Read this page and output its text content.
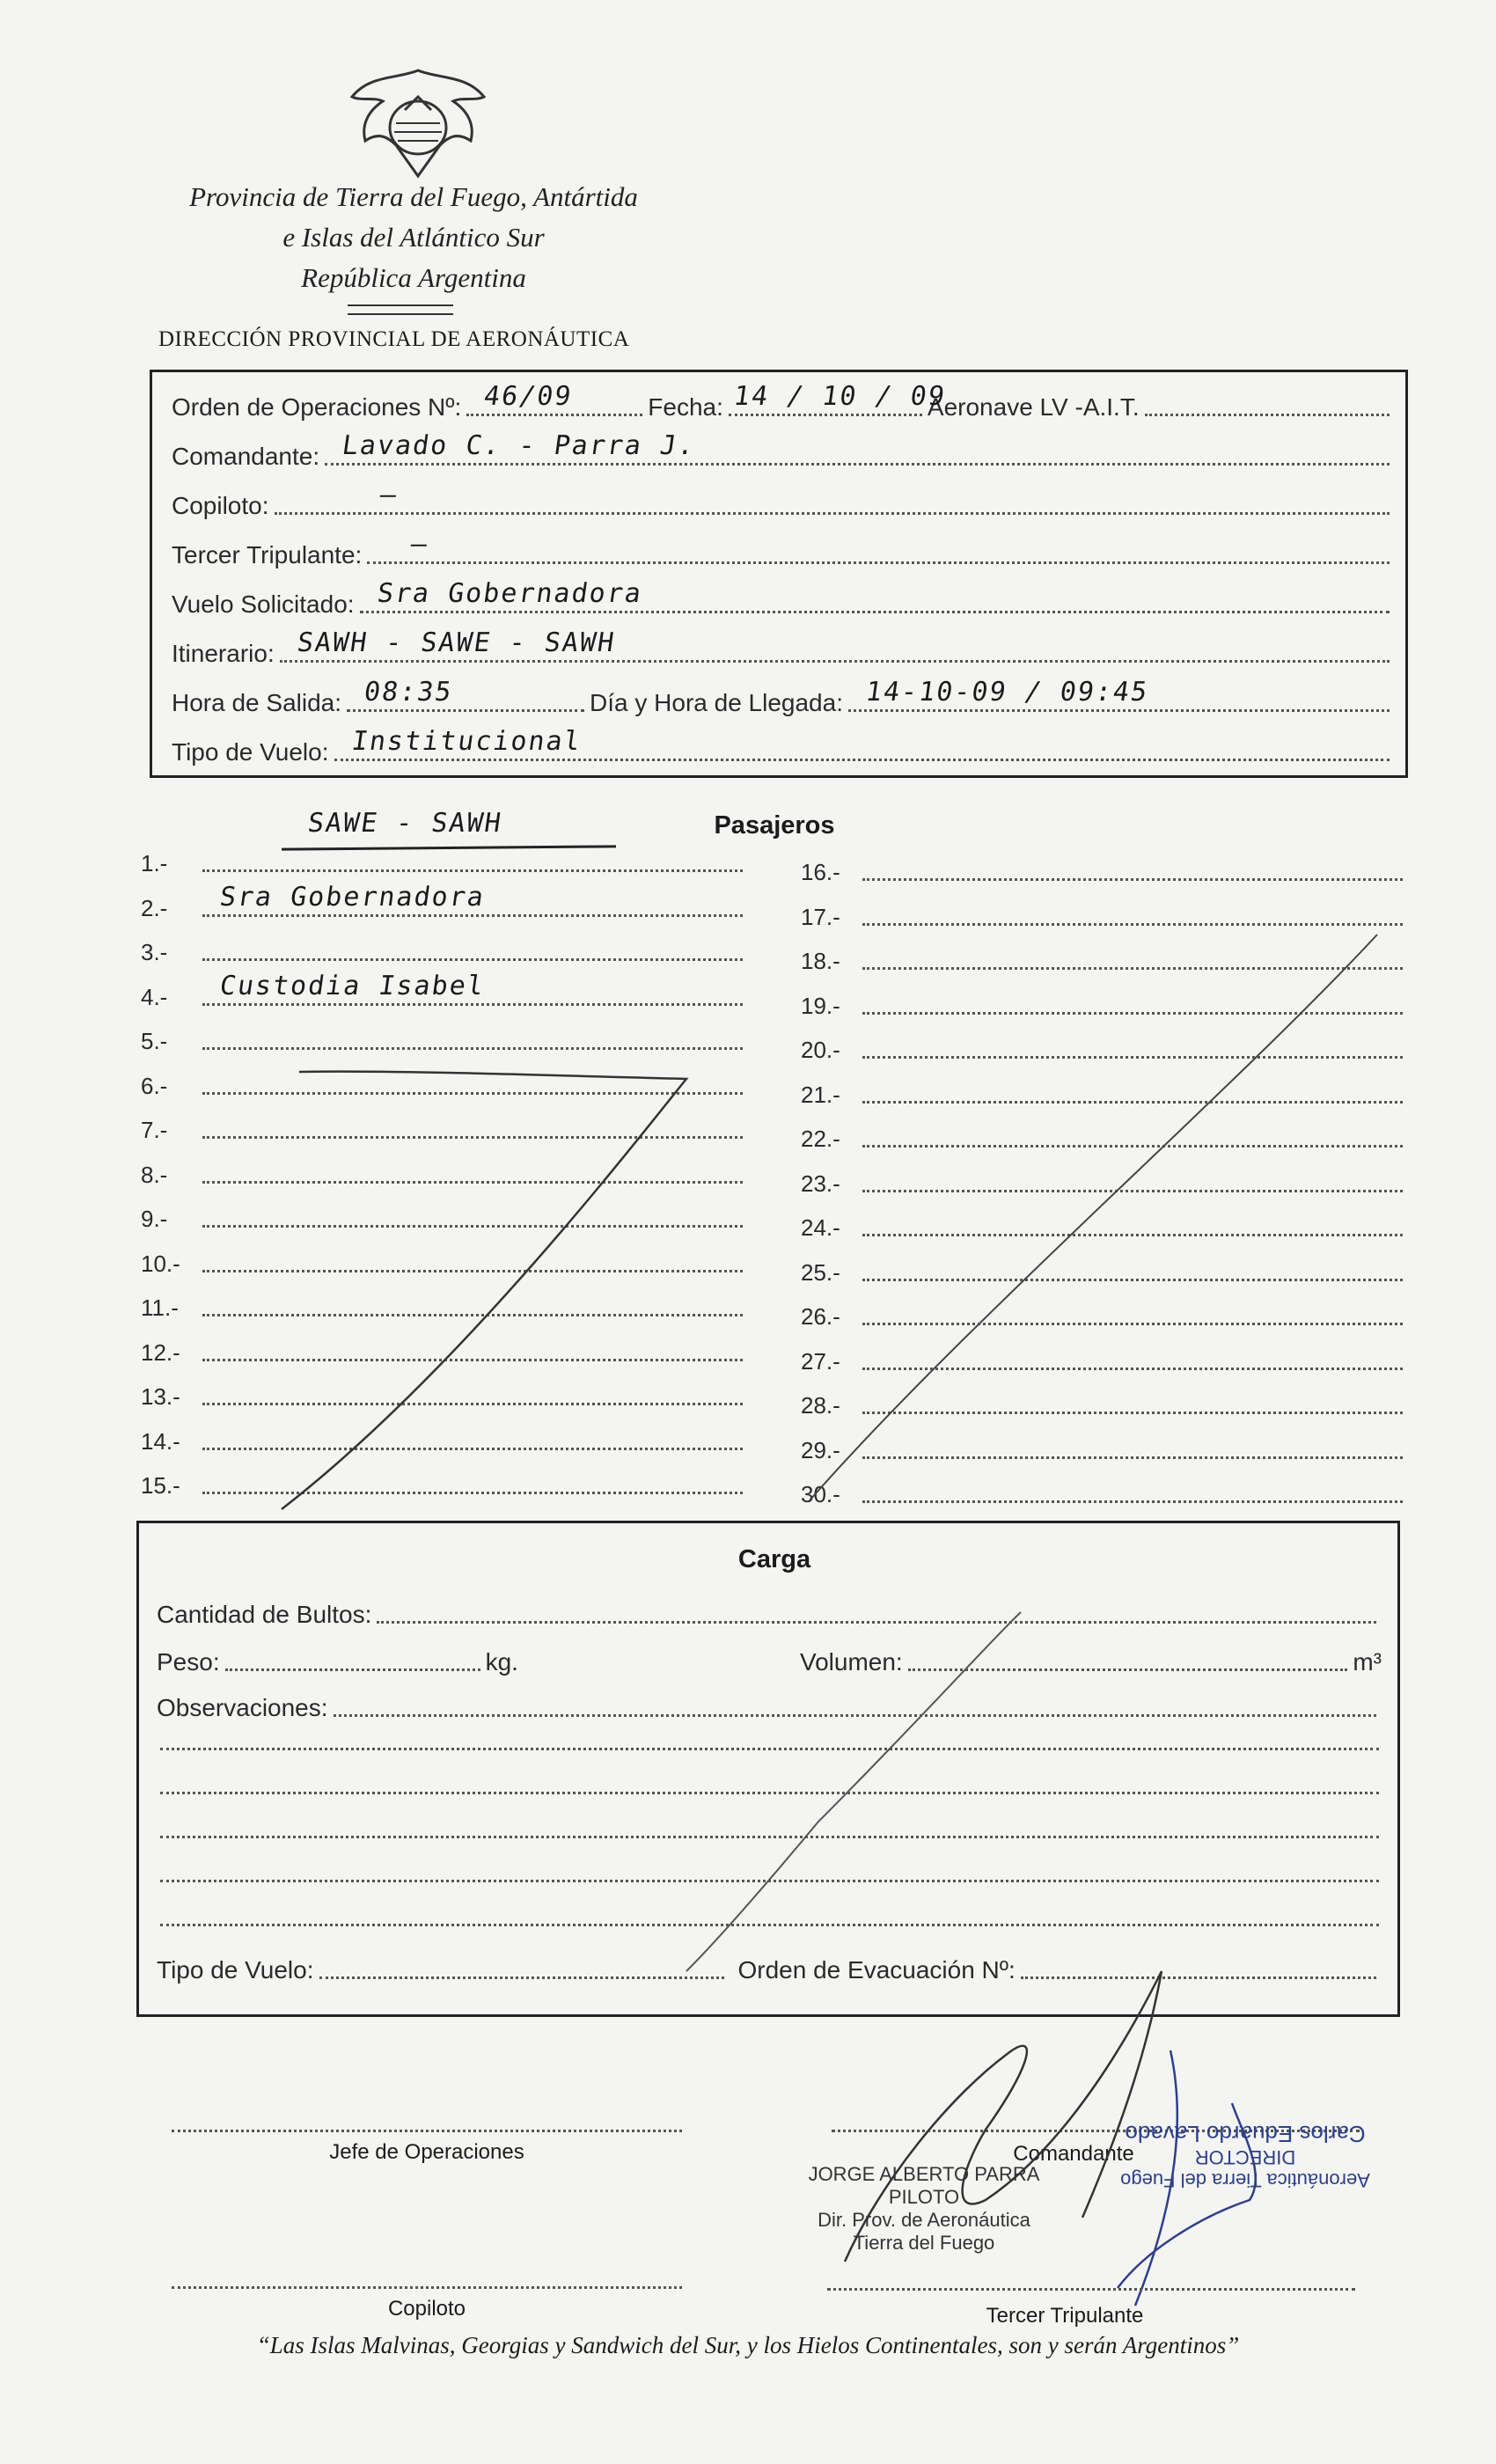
Provincia de Tierra del Fuego, Antártida
e Islas del Atlántico Sur
República Argentina
DIRECCIÓN PROVINCIAL DE AERONÁUTICA
Orden de Operaciones Nº: 46/09	Fecha: 14 / 10 / 09
Aeronave LV -A.I.T.
Comandante: Lavado C. - Parra J.
Copiloto:	—
Tercer Tripulante: —
Vuelo Solicitado: Sra Gobernadora
Itinerario: SAWH - SAWE - SAWH
Hora de Salida: 08:35	Día y Hora de Llegada: 14-10-09 / 09:45
Tipo de Vuelo: Institucional
SAWE - SAWH	Pasajeros
1.-
2.-	Sra Gobernadora
3.-
4.-	Custodia Isabel
5.-
6.-
7.-
8.-
9.-
10.-
11.-
12.-
13.-
14.-
15.-
16.-
17.-
18.-
19.-
20.-
21.-
22.-
23.-
24.-
25.-
26.-
27.-
28.-
29.-
30.-
Carga
Cantidad de Bultos:
Peso:	kg.	Volumen:	m³
Observaciones:
Tipo de Vuelo:	Orden de Evacuación Nº:
Jefe de Operaciones	Comandante
JORGE ALBERTO PARRA
PILOTO
Dir. Prov. de Aeronáutica
Tierra del Fuego
Aeronáutica Tierra del Fuego
DIRECTOR
Carlos Eduardo Lavado
Copiloto	Tercer Tripulante
“Las Islas Malvinas, Georgias y Sandwich del Sur, y los Hielos Continentales, son y serán Argentinos”
